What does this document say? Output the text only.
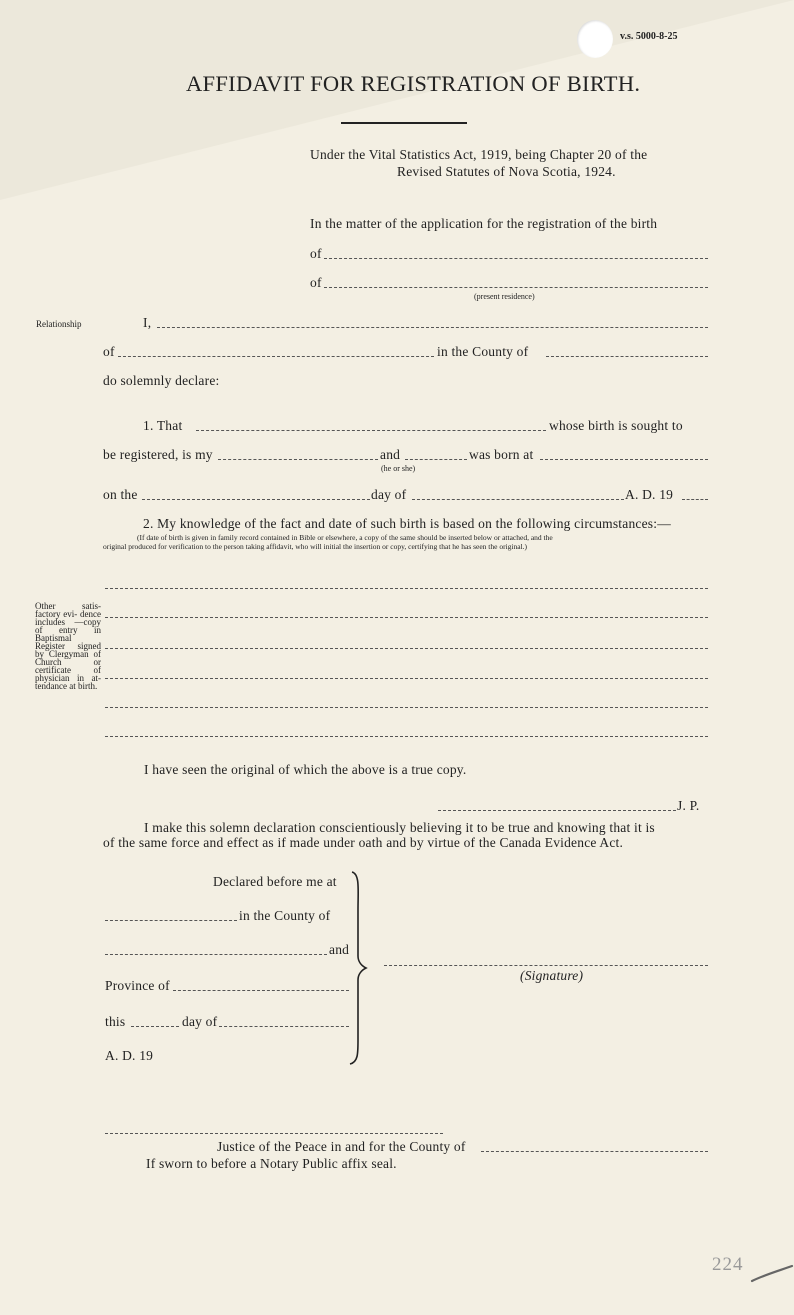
v.s. 5000-8-25
AFFIDAVIT FOR REGISTRATION OF BIRTH.
Under the Vital Statistics Act, 1919, being Chapter 20 of the
Revised Statutes of Nova Scotia, 1924.
In the matter of the application for the registration of the birth
of
of
(present residence)
Relationship	I,
of	in the County of
do solemnly declare:
1. That	whose birth is sought to
be registered, is my	and
(he or she)
was born at
on the	day of	A. D. 19
2. My knowledge of the fact and date of such birth is based on the following circumstances:—
(If date of birth is given in family record contained in Bible or elsewhere, a copy of the same should be inserted below or attached, and the
original produced for verification to the person taking affidavit, who will initial the insertion or copy, certifying that he has seen the original.)
Other satis- factory evi- dence includes —copy of entry in Baptismal Register signed by Clergyman of Church or certificate of physician in at- tendance at birth.
I have seen the original of which the above is a true copy.
J. P.
I make this solemn declaration conscientiously believing it to be true and knowing that it is
of the same force and effect as if made under oath and by virtue of the Canada Evidence Act.
Declared before me at
in the County of
and
Province of
this	day of
A. D. 19
(Signature)
Justice of the Peace in and for the County of
If sworn to before a Notary Public affix seal.
224
